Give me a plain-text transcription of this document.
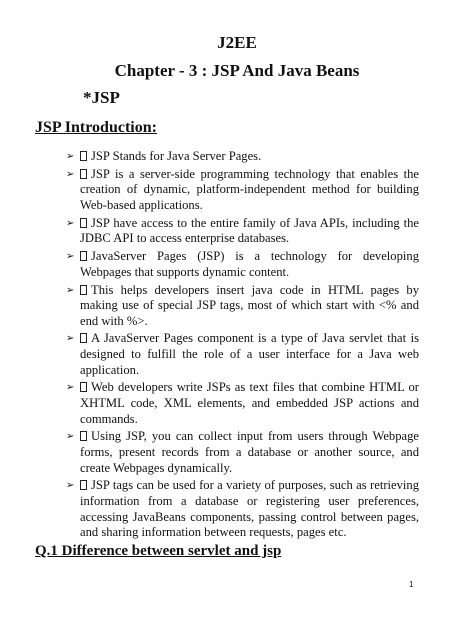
J2EE
Chapter - 3 : JSP And Java Beans
*JSP
JSP Introduction:
➢ JSP Stands for Java Server Pages.
➢ JSP is a server-side programming technology that enables the creation of dynamic, platform-independent method for building Web-based applications.
➢ JSP have access to the entire family of Java APIs, including the JDBC API to access enterprise databases.
➢ JavaServer Pages (JSP) is a technology for developing Webpages that supports dynamic content.
➢ This helps developers insert java code in HTML pages by making use of special JSP tags, most of which start with <% and end with %>.
➢ A JavaServer Pages component is a type of Java servlet that is designed to fulfill the role of a user interface for a Java web application.
➢ Web developers write JSPs as text files that combine HTML or XHTML code, XML elements, and embedded JSP actions and commands.
➢ Using JSP, you can collect input from users through Webpage forms, present records from a database or another source, and create Webpages dynamically.
➢ JSP tags can be used for a variety of purposes, such as retrieving information from a database or registering user preferences, accessing JavaBeans components, passing control between pages, and sharing information between requests, pages etc.
Q.1 Difference between servlet and jsp
1
